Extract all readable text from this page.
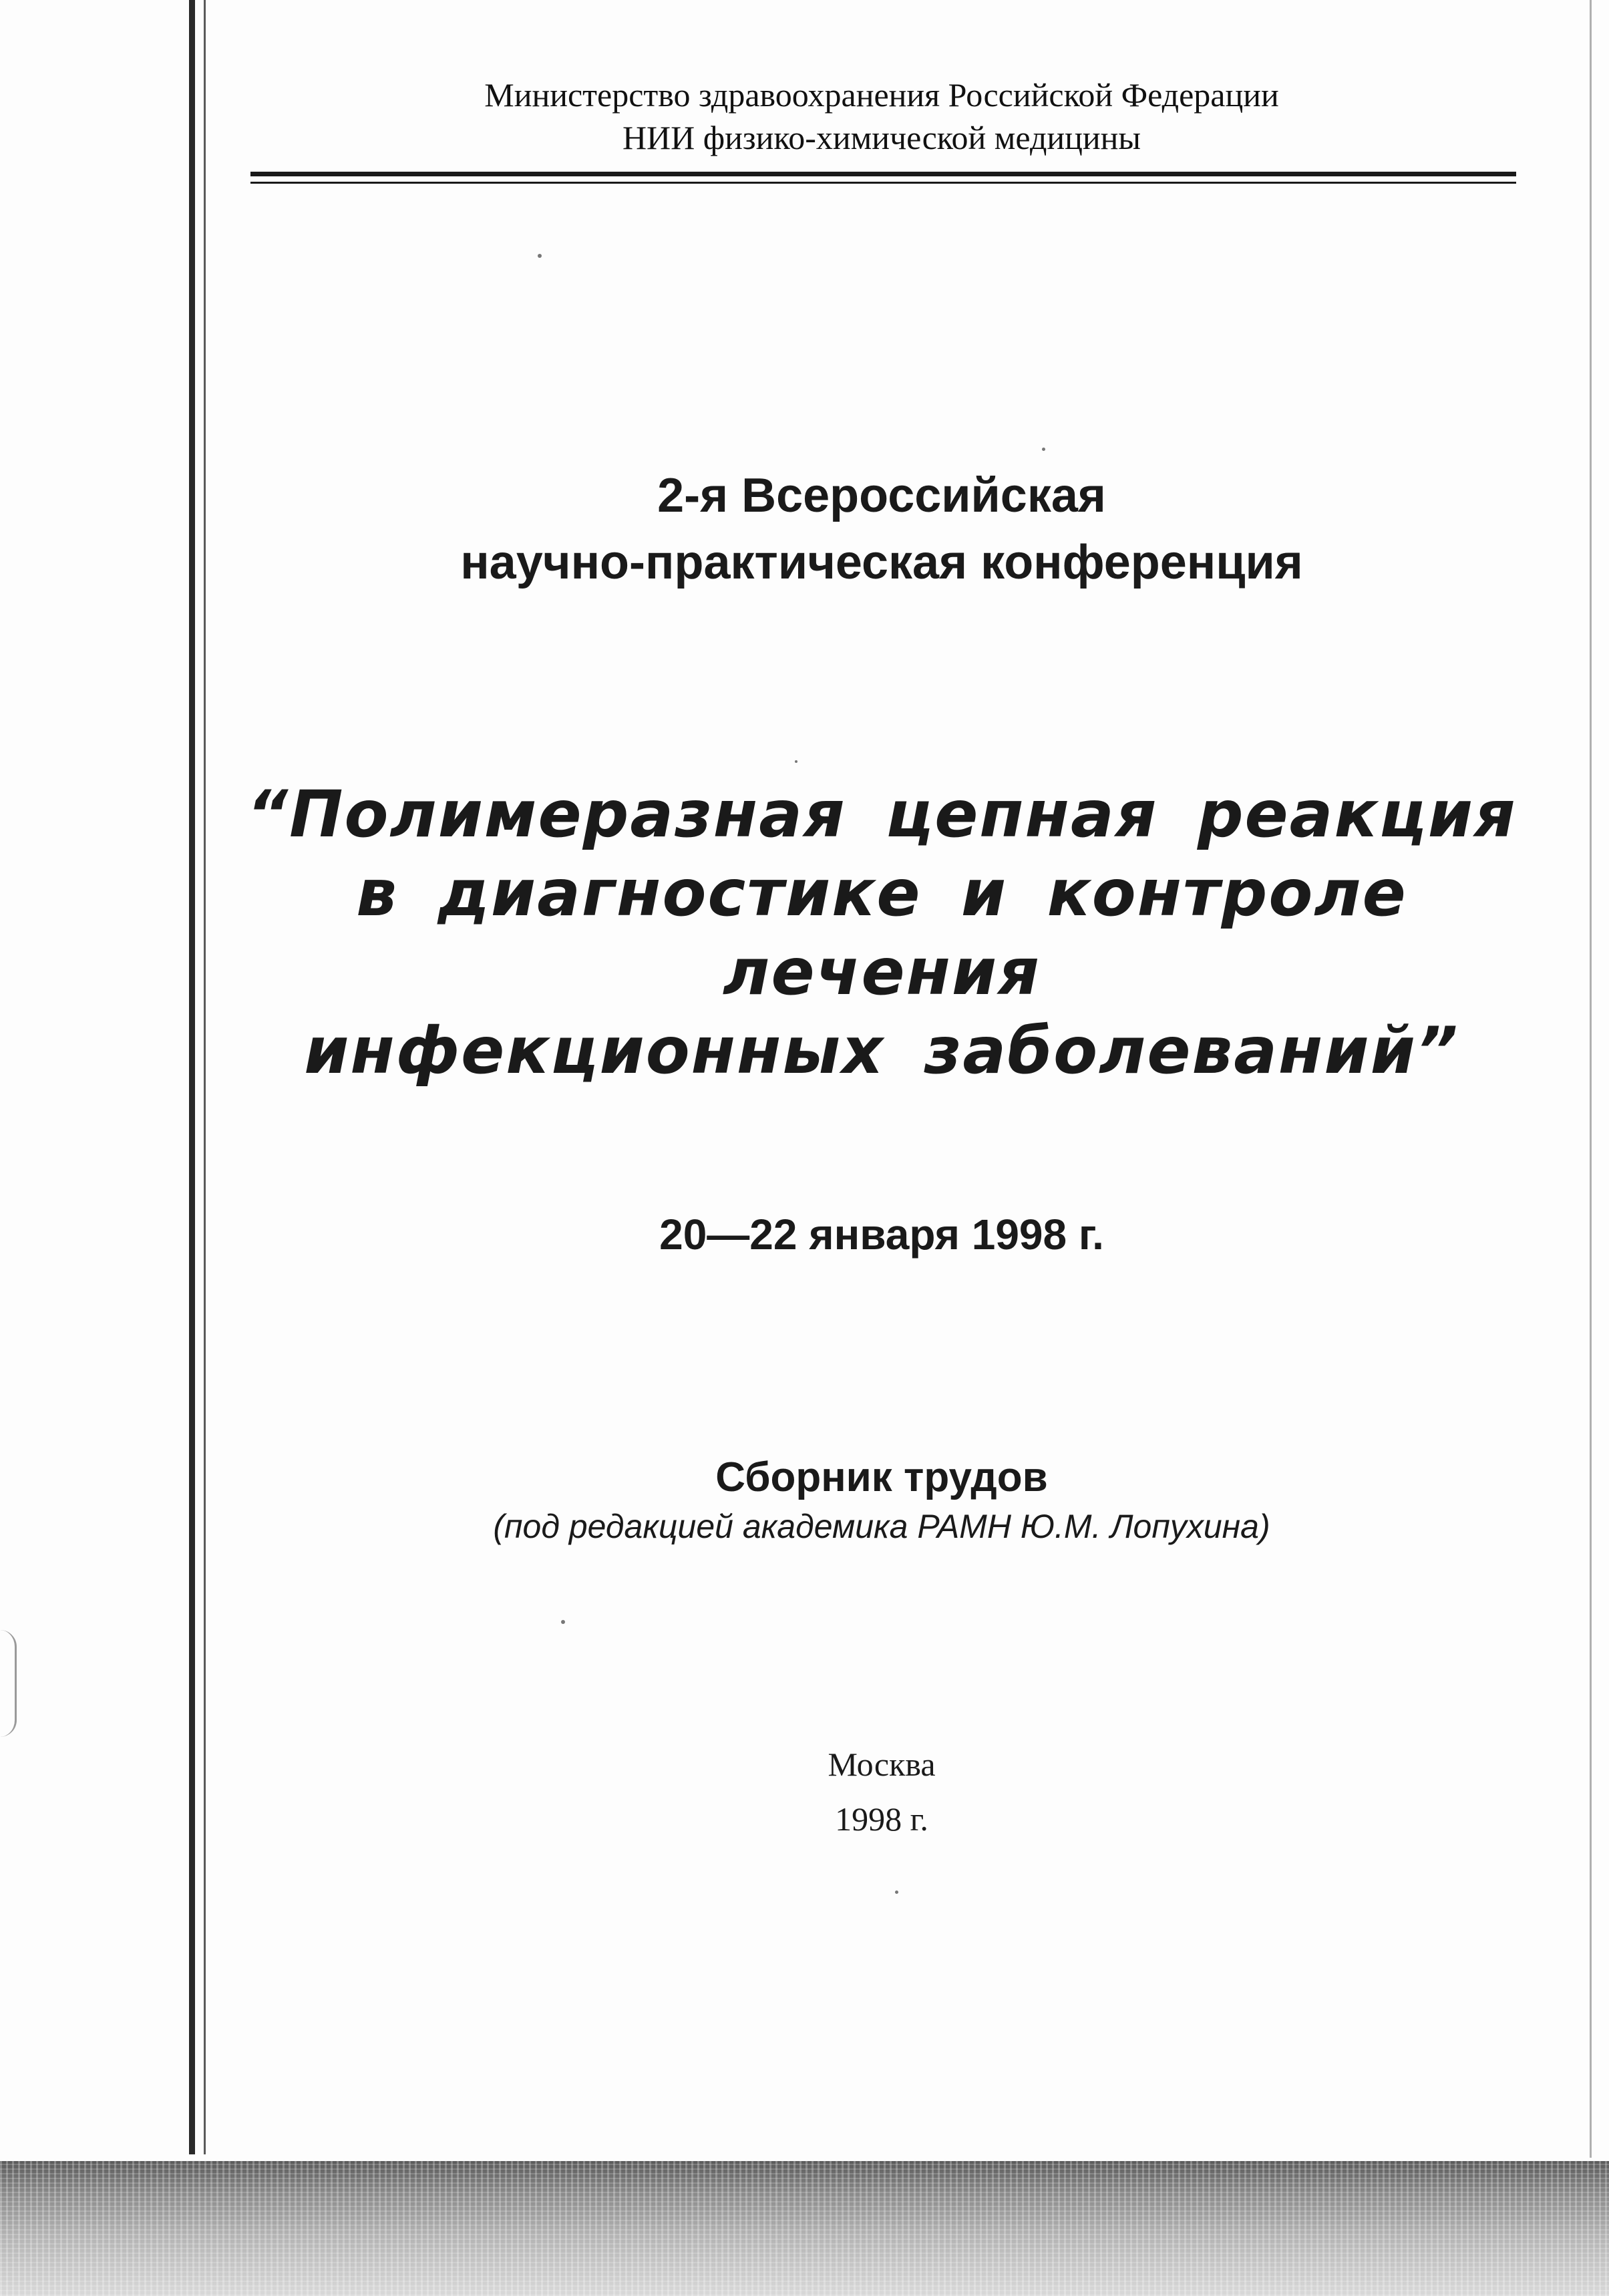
Министерство здравоохранения Российской Федерации
НИИ физико-химической медицины
2-я Всероссийская
научно-практическая конференция
“Полимеразная цепная реакция
в диагностике и контроле лечения
инфекционных заболеваний”
20—22 января 1998 г.
Сборник трудов
(под редакцией академика РАМН Ю.М. Лопухина)
Москва
1998 г.
